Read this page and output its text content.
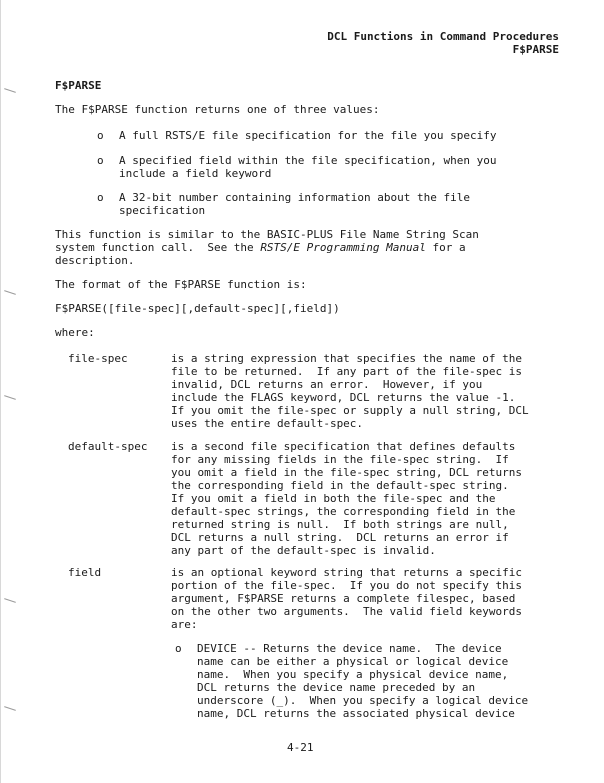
DCL Functions in Command Procedures
F$PARSE
F$PARSE
The F$PARSE function returns one of three values:
o A full RSTS/E file specification for the file you specify
o A specified field within the file specification, when you
include a field keyword
o A 32-bit number containing information about the file
specification
This function is similar to the BASIC-PLUS File Name String Scan
system function call.  See the RSTS/E Programming Manual for a
description.
The format of the F$PARSE function is:
F$PARSE([file-spec][,default-spec][,field])
where:
file-spec	is a string expression that specifies the name of the
file to be returned.  If any part of the file-spec is
invalid, DCL returns an error.  However, if you
include the FLAGS keyword, DCL returns the value -1.
If you omit the file-spec or supply a null string, DCL
uses the entire default-spec.
default-spec is a second file specification that defines defaults
for any missing fields in the file-spec string.  If
you omit a field in the file-spec string, DCL returns
the corresponding field in the default-spec string.
If you omit a field in both the file-spec and the
default-spec strings, the corresponding field in the
returned string is null.  If both strings are null,
DCL returns a null string.  DCL returns an error if
any part of the default-spec is invalid.
field	is an optional keyword string that returns a specific
portion of the file-spec.  If you do not specify this
argument, F$PARSE returns a complete filespec, based
on the other two arguments.  The valid field keywords
are:
o DEVICE -- Returns the device name.  The device
name can be either a physical or logical device
name.  When you specify a physical device name,
DCL returns the device name preceded by an
underscore (_).  When you specify a logical device
name, DCL returns the associated physical device
4-21
